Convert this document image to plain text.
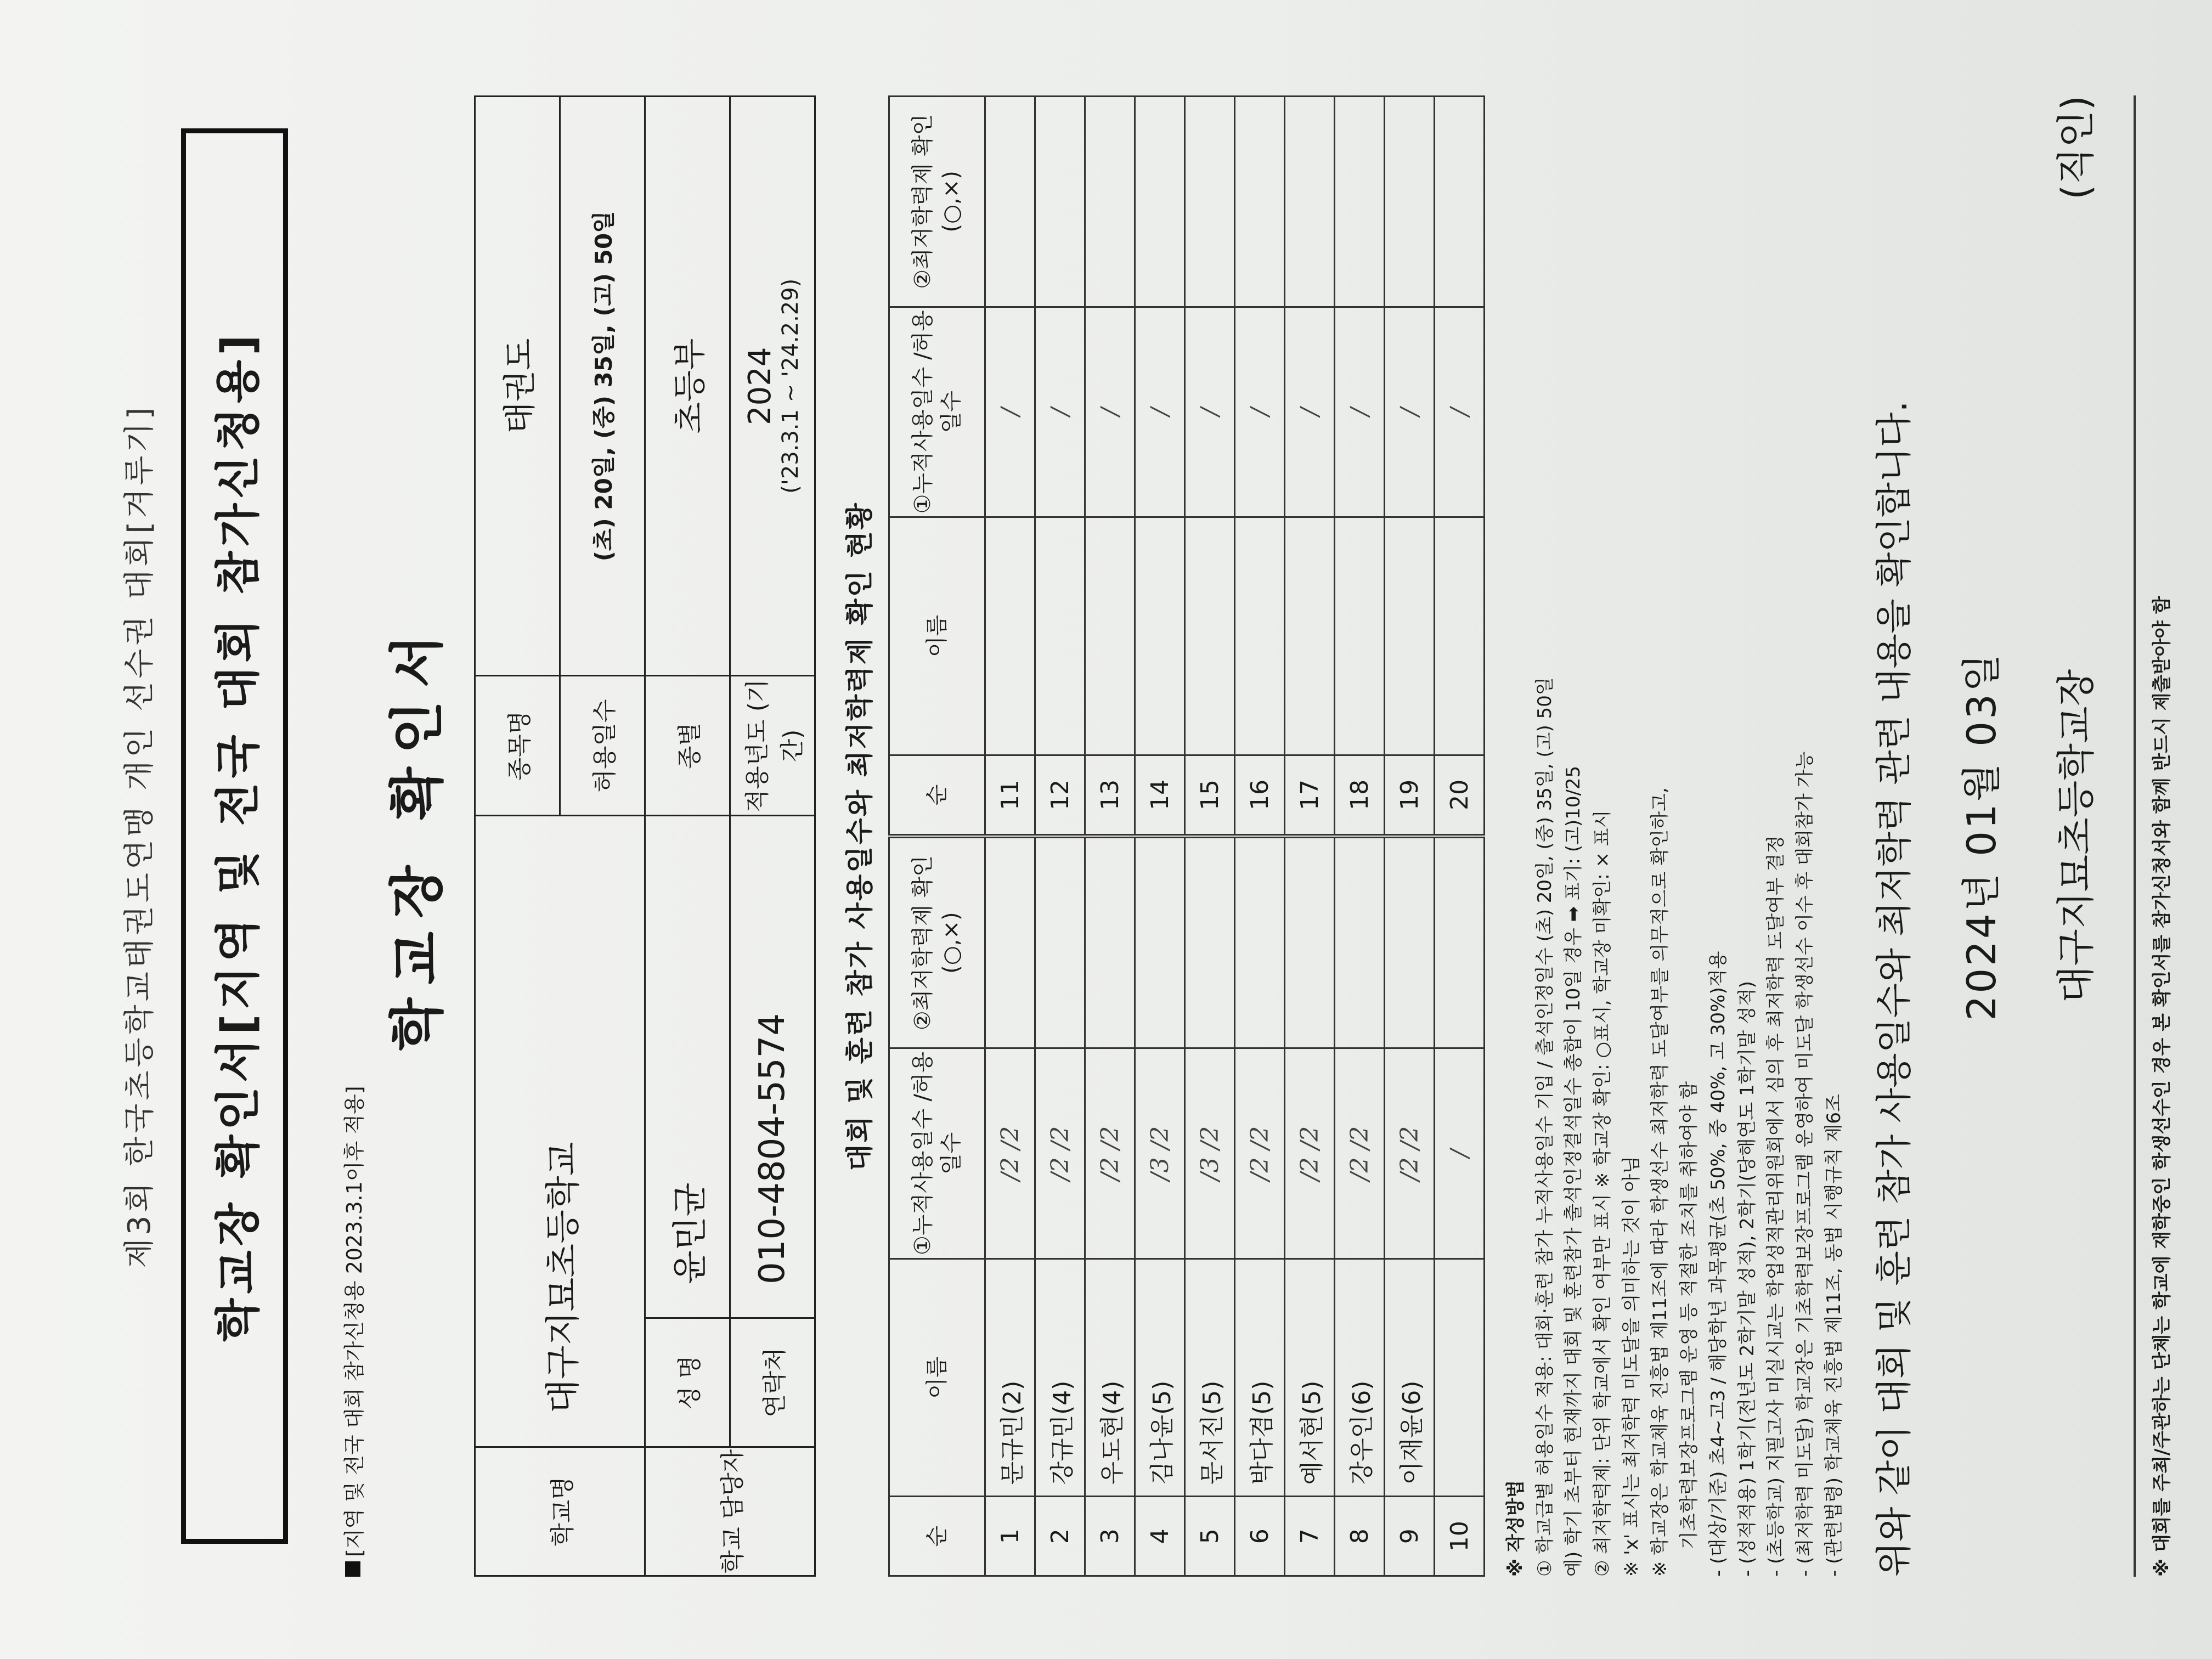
제3회 한국초등학교태권도연맹 개인 선수권 대회[겨루기]	학교장 확인서[지역 및 전국 대회 참가신청용]	[지역 및 전국 대회 참가신청용 2023.3.1이후 적용]
학교장 확인서
학교명	대구지묘초등학교		종목명	태권도
			허용일수	(초) 20일, (중) 35일, (고) 50일
학교 담당자	성 명	윤민균	종별	초등부
	연락처	010-4804-5574	적용년도 (기간)	2024 ('23.3.1 ~ '24.2.29)
대회 및 훈련 참가 사용일수와 최저학력제 확인 현황
순	이름	①누적사용일수 /허용일수	②최저학력제 확인(○,×)	순	이름	①누적사용일수 /허용일수	②최저학력제 확인(○,×)
1	문규민(2)	/2 /2		11		/	
2	강규민(4)	/2 /2		12		/	
3	우도현(4)	/2 /2		13		/	
4	김나윤(5)	/3 /2		14		/	
5	문서진(5)	/3 /2		15		/	
6	박다겸(5)	/2 /2		16		/	
7	예서현(5)	/2 /2		17		/	
8	강우인(6)	/2 /2		18		/	
9	이재윤(6)	/2 /2		19		/	
10		/		20		/	
※ 작성방법 ① 학교급별 허용일수 적용: 대회·훈련 참가 누적사용일수 기입 / 출석인정일수 (초) 20일, (중) 35일, (고) 50일 예) 학기 초부터 현재까지 대회 및 훈련참가 출석인정결석일수 총합이 10일 경우 ➡ 표기: (고)10/25 ② 최저학력제: 단위 학교에서 확인 여부만 표시 ※ 학교장 확인: ○표시, 학교장 미확인: × 표시 ※ 'x' 표시는 최저학력 미도달을 의미하는 것이 아님 ※ 학교장은 학교체육 진흥법 제11조에 따라 학생선수 최저학력 도달여부를 의무적으로 확인하고, 기초학력보장프로그램 운영 등 적절한 조치를 취하여야 함 - (대상/기준) 초4~고3 / 해당학년 과목평균(초 50%, 중 40%, 고 30%)적용 - (성적적용) 1학기(전년도 2학기말 성적), 2학기(당해연도 1학기말 성적) - (초등학교) 지필고사 미실시교는 학업성적관리위원회에서 심의 후 최저학력 도달여부 결정 - (최저학력 미도달) 학교장은 기초학력보장프로그램 운영하여 미도달 학생선수 이수 후 대회참가 가능 - (관련법령) 학교체육 진흥법 제11조, 동법 시행규칙 제6조 위와 같이 대회 및 훈련 참가 사용일수와 최저학력 관련 내용을 확인합니다. 2024년 01월 03일 대구지묘초등학교장
(직인)
※ 대회를 주최/주관하는 단체는 학교에 재학중인 학생선수인 경우 본 확인서를 참가신청서와 함께 반드시 제출받아야 함
